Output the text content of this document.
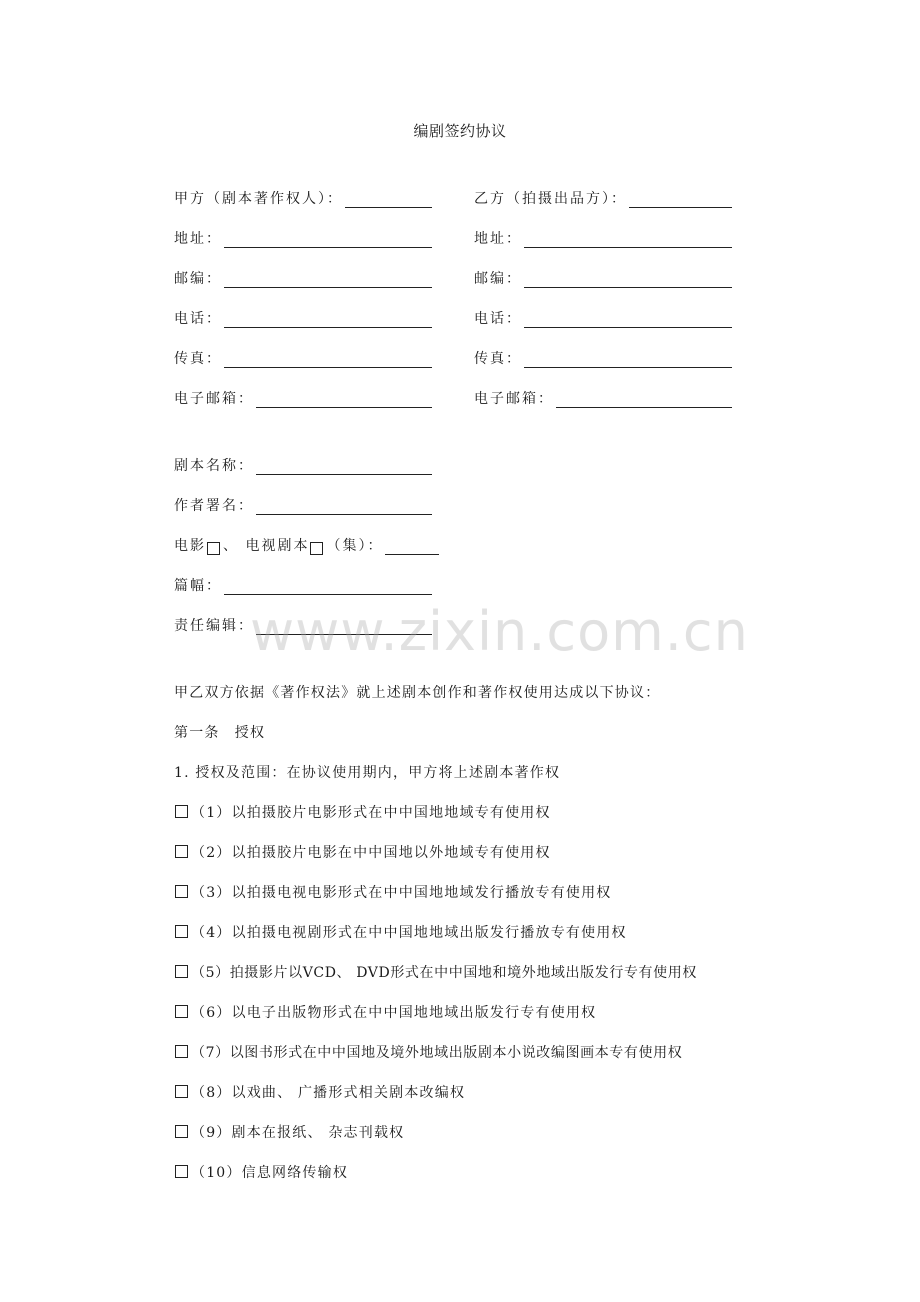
编剧签约协议
甲方（剧本著作权人）：	乙方（拍摄出品方）：
地址：	地址：
邮编：	邮编：
电话：	电话：
传真：	传真：
电子邮箱：	电子邮箱：
剧本名称：
作者署名：
电影 、 电视剧本 （集）：
篇幅：
责任编辑：
甲乙双方依据《著作权法》就上述剧本创作和著作权使用达成以下协议：
第一条　授权
1. 授权及范围：在协议使用期内，甲方将上述剧本著作权
（1）以拍摄胶片电影形式在中中国地地域专有使用权
（2）以拍摄胶片电影在中中国地以外地域专有使用权
（3）以拍摄电视电影形式在中中国地地域发行播放专有使用权
（4）以拍摄电视剧形式在中中国地地域出版发行播放专有使用权
（5）拍摄影片以VCD、 DVD形式在中中国地和境外地域出版发行专有使用权
（6）以电子出版物形式在中中国地地域出版发行专有使用权
（7）以图书形式在中中国地及境外地域出版剧本小说改编图画本专有使用权
（8）以戏曲、 广播形式相关剧本改编权
（9）剧本在报纸、 杂志刊载权
（10）信息网络传输权
www.zixin.com.cn
